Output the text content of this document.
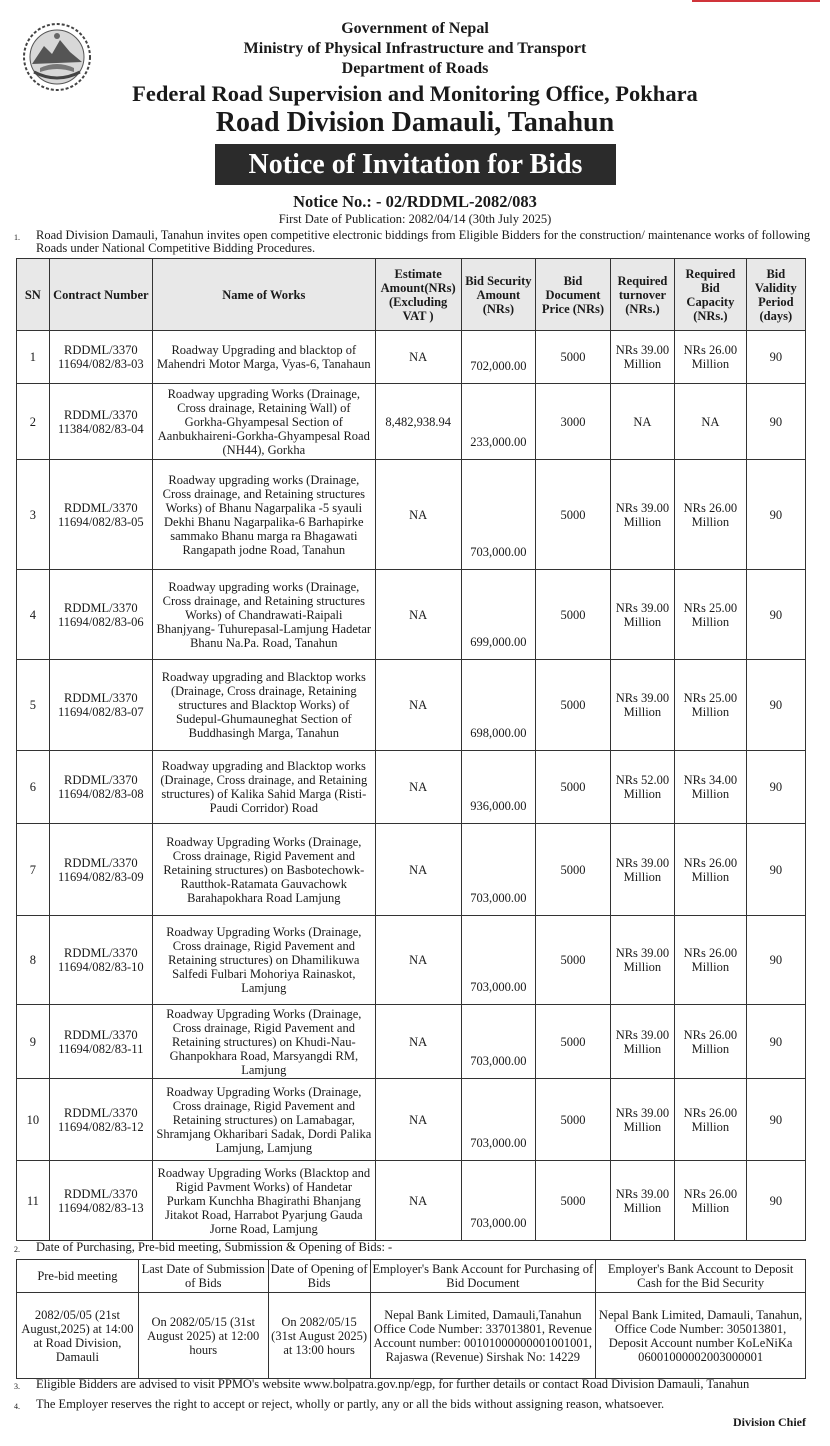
Government of Nepal
Ministry of Physical Infrastructure and Transport
Department of Roads
Federal Road Supervision and Monitoring Office, Pokhara
Road Division Damauli, Tanahun
Notice of Invitation for Bids
Notice No.: - 02/RDDML-2082/083
First Date of Publication: 2082/04/14 (30th July 2025)
1. Road Division Damauli, Tanahun invites open competitive electronic biddings from Eligible Bidders for the construction/ maintenance works of following Roads under National Competitive Bidding Procedures.
SN	Contract Number	Name of Works	Estimate Amount(NRs) (Excluding VAT )	Bid Security Amount (NRs)	Bid Document Price (NRs)	Required turnover (NRs.)	Required Bid Capacity (NRs.)	Bid Validity Period (days)
1	RDDML/3370 11694/082/83-03	Roadway Upgrading and blacktop of Mahendri Motor Marga, Vyas-6, Tanahaun	NA	702,000.00	5000	NRs 39.00 Million	NRs 26.00 Million	90
2	RDDML/3370 11384/082/83-04	Roadway upgrading Works (Drainage, Cross drainage, Retaining Wall) of Gorkha-Ghyampesal Section of Aanbukhaireni-Gorkha-Ghyampesal Road (NH44), Gorkha	8,482,938.94	233,000.00	3000	NA	NA	90
3	RDDML/3370 11694/082/83-05	Roadway upgrading works (Drainage, Cross drainage, and Retaining structures Works) of Bhanu Nagarpalika -5 syauli Dekhi Bhanu Nagarpalika-6 Barhapirke sammako Bhanu marga ra Bhagawati Rangapath jodne Road, Tanahun	NA	703,000.00	5000	NRs 39.00 Million	NRs 26.00 Million	90
4	RDDML/3370 11694/082/83-06	Roadway upgrading works (Drainage, Cross drainage, and Retaining structures Works) of Chandrawati-Raipali Bhanjyang- Tuhurepasal-Lamjung Hadetar Bhanu Na.Pa. Road, Tanahun	NA	699,000.00	5000	NRs 39.00 Million	NRs 25.00 Million	90
5	RDDML/3370 11694/082/83-07	Roadway upgrading and Blacktop works (Drainage, Cross drainage, Retaining structures and Blacktop Works) of Sudepul-Ghumauneghat Section of Buddhasingh Marga, Tanahun	NA	698,000.00	5000	NRs 39.00 Million	NRs 25.00 Million	90
6	RDDML/3370 11694/082/83-08	Roadway upgrading and Blacktop works (Drainage, Cross drainage, and Retaining structures) of Kalika Sahid Marga (Risti-Paudi Corridor) Road	NA	936,000.00	5000	NRs 52.00 Million	NRs 34.00 Million	90
7	RDDML/3370 11694/082/83-09	Roadway Upgrading Works (Drainage, Cross drainage, Rigid Pavement and Retaining structures) on Basbotechowk-Rautthok-Ratamata Gauvachowk Barahapokhara Road Lamjung	NA	703,000.00	5000	NRs 39.00 Million	NRs 26.00 Million	90
8	RDDML/3370 11694/082/83-10	Roadway Upgrading Works (Drainage, Cross drainage, Rigid Pavement and Retaining structures) on Dhamilikuwa Salfedi Fulbari Mohoriya Rainaskot, Lamjung	NA	703,000.00	5000	NRs 39.00 Million	NRs 26.00 Million	90
9	RDDML/3370 11694/082/83-11	Roadway Upgrading Works (Drainage, Cross drainage, Rigid Pavement and Retaining structures) on Khudi-Nau-Ghanpokhara Road, Marsyangdi RM, Lamjung	NA	703,000.00	5000	NRs 39.00 Million	NRs 26.00 Million	90
10	RDDML/3370 11694/082/83-12	Roadway Upgrading Works (Drainage, Cross drainage, Rigid Pavement and Retaining structures) on Lamabagar, Shramjang Okharibari Sadak, Dordi Palika Lamjung, Lamjung	NA	703,000.00	5000	NRs 39.00 Million	NRs 26.00 Million	90
11	RDDML/3370 11694/082/83-13	Roadway Upgrading Works (Blacktop and Rigid Pavment Works) of Handetar Purkam Kunchha Bhagirathi Bhanjang Jitakot Road, Harrabot Pyarjung Gauda Jorne Road, Lamjung	NA	703,000.00	5000	NRs 39.00 Million	NRs 26.00 Million	90
2. Date of Purchasing, Pre-bid meeting, Submission & Opening of Bids: -
Pre-bid meeting	Last Date of Submission of Bids	Date of Opening of Bids	Employer's Bank Account for Purchasing of Bid Document	Employer's Bank Account to Deposit Cash for the Bid Security
2082/05/05 (21st August,2025) at 14:00 at Road Division, Damauli	On 2082/05/15 (31st August 2025) at 12:00 hours	On 2082/05/15 (31st August 2025) at 13:00 hours	Nepal Bank Limited, Damauli,Tanahun Office Code Number: 337013801, Revenue Account number: 00101000000001001001, Rajaswa (Revenue) Sirshak No: 14229	Nepal Bank Limited, Damauli, Tanahun, Office Code Number: 305013801, Deposit Account number KoLeNiKa 06001000002003000001
3. Eligible Bidders are advised to visit PPMO's website www.bolpatra.gov.np/egp, for further details or contact Road Division Damauli, Tanahun
4. The Employer reserves the right to accept or reject, wholly or partly, any or all the bids without assigning reason, whatsoever.
Division Chief
